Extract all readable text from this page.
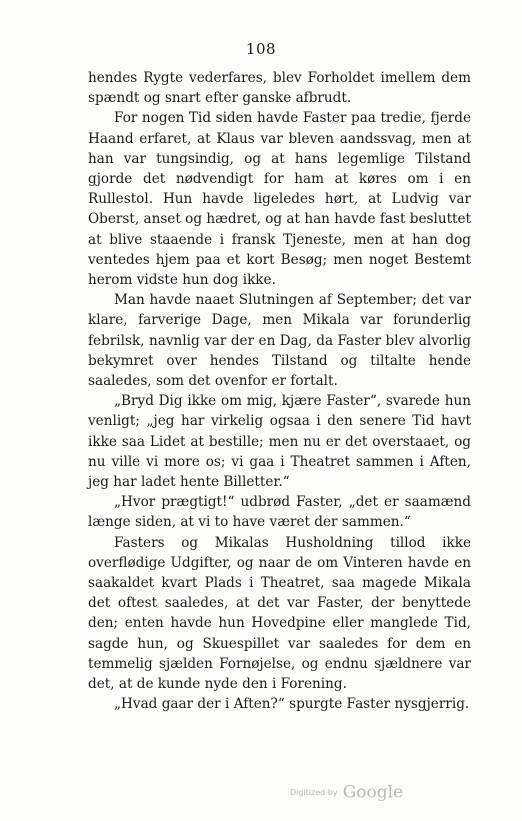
108

hendes Rygte vederfares, blev Forholdet imellem dem spændt og snart efter ganske afbrudt.

For nogen Tid siden havde Faster paa tredie, fjerde Haand erfaret, at Klaus var bleven aandssvag, men at han var tungsindig, og at hans legemlige Tilstand gjorde det nødvendigt for ham at køres om i en Rullestol. Hun havde ligeledes hørt, at Ludvig var Oberst, anset og hædret, og at han havde fast besluttet at blive staaende i fransk Tjeneste, men at han dog ventedes hjem paa et kort Besøg; men noget Bestemt herom vidste hun dog ikke.

Man havde naaet Slutningen af September; det var klare, farverige Dage, men Mikala var forunderlig febrilsk, navnlig var der en Dag, da Faster blev alvorlig bekymret over hendes Tilstand og tiltalte hende saaledes, som det ovenfor er fortalt.

„Bryd Dig ikke om mig, kjære Faster“, svarede hun venligt; „jeg har virkelig ogsaa i den senere Tid havt ikke saa Lidet at bestille; men nu er det overstaaet, og nu ville vi more os; vi gaa i Theatret sammen i Aften, jeg har ladet hente Billetter.“

„Hvor prægtigt!“ udbrød Faster, „det er saamænd længe siden, at vi to have været der sammen.“

Fasters og Mikalas Husholdning tillod ikke overflødige Udgifter, og naar de om Vinteren havde en saakaldet kvart Plads i Theatret, saa magede Mikala det oftest saaledes, at det var Faster, der benyttede den; enten havde hun Hovedpine eller manglede Tid, sagde hun, og Skuespillet var saaledes for dem en temmelig sjælden Fornøjelse, og endnu sjældnere var det, at de kunde nyde den i Forening.

„Hvad gaar der i Aften?“ spurgte Faster nysgjerrig.

Digitized by Google
